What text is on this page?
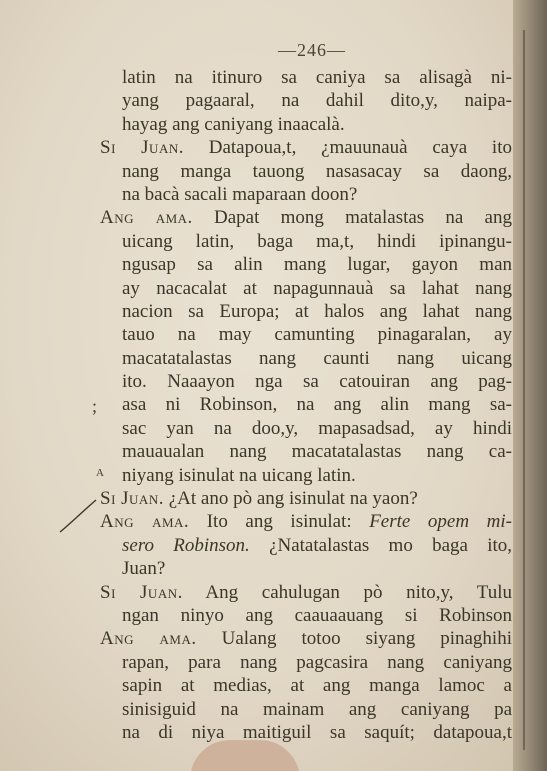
—246—
;
A
latin na itinuro sa caniya sa alisagà ni-
yang pagaaral, na dahil dito,y, naipa-
hayag ang caniyang inaacalà.
Si Juan. Datapoua,t, ¿mauunauà caya ito
nang manga tauong nasasacay sa daong,
na bacà sacali maparaan doon?
Ang ama. Dapat mong matalastas na ang
uicang latin, baga ma,t, hindi ipinangu-
ngusap sa alin mang lugar, gayon man
ay nacacalat at napagunnauà sa lahat nang
nacion sa Europa; at halos ang lahat nang
tauo na may camunting pinagaralan, ay
macatatalastas nang caunti nang uicang
ito. Naaayon nga sa catouiran ang pag-
asa ni Robinson, na ang alin mang sa-
sac yan na doo,y, mapasadsad, ay hindi
mauaualan nang macatatalastas nang ca-
niyang isinulat na uicang latin.
Si Juan. ¿At ano pò ang isinulat na yaon?
Ang ama. Ito ang isinulat: Ferte opem mi-
sero Robinson. ¿Natatalastas mo baga ito,
Juan?
Si Juan. Ang cahulugan pò nito,y, Tulu
ngan ninyo ang caauaauang si Robinson
Ang ama. Ualang totoo siyang pinaghihi
rapan, para nang pagcasira nang caniyang
sapin at medias, at ang manga lamoc a
sinisiguid na mainam ang caniyang pa
na di niya maitiguil sa saquít; datapoua,t
